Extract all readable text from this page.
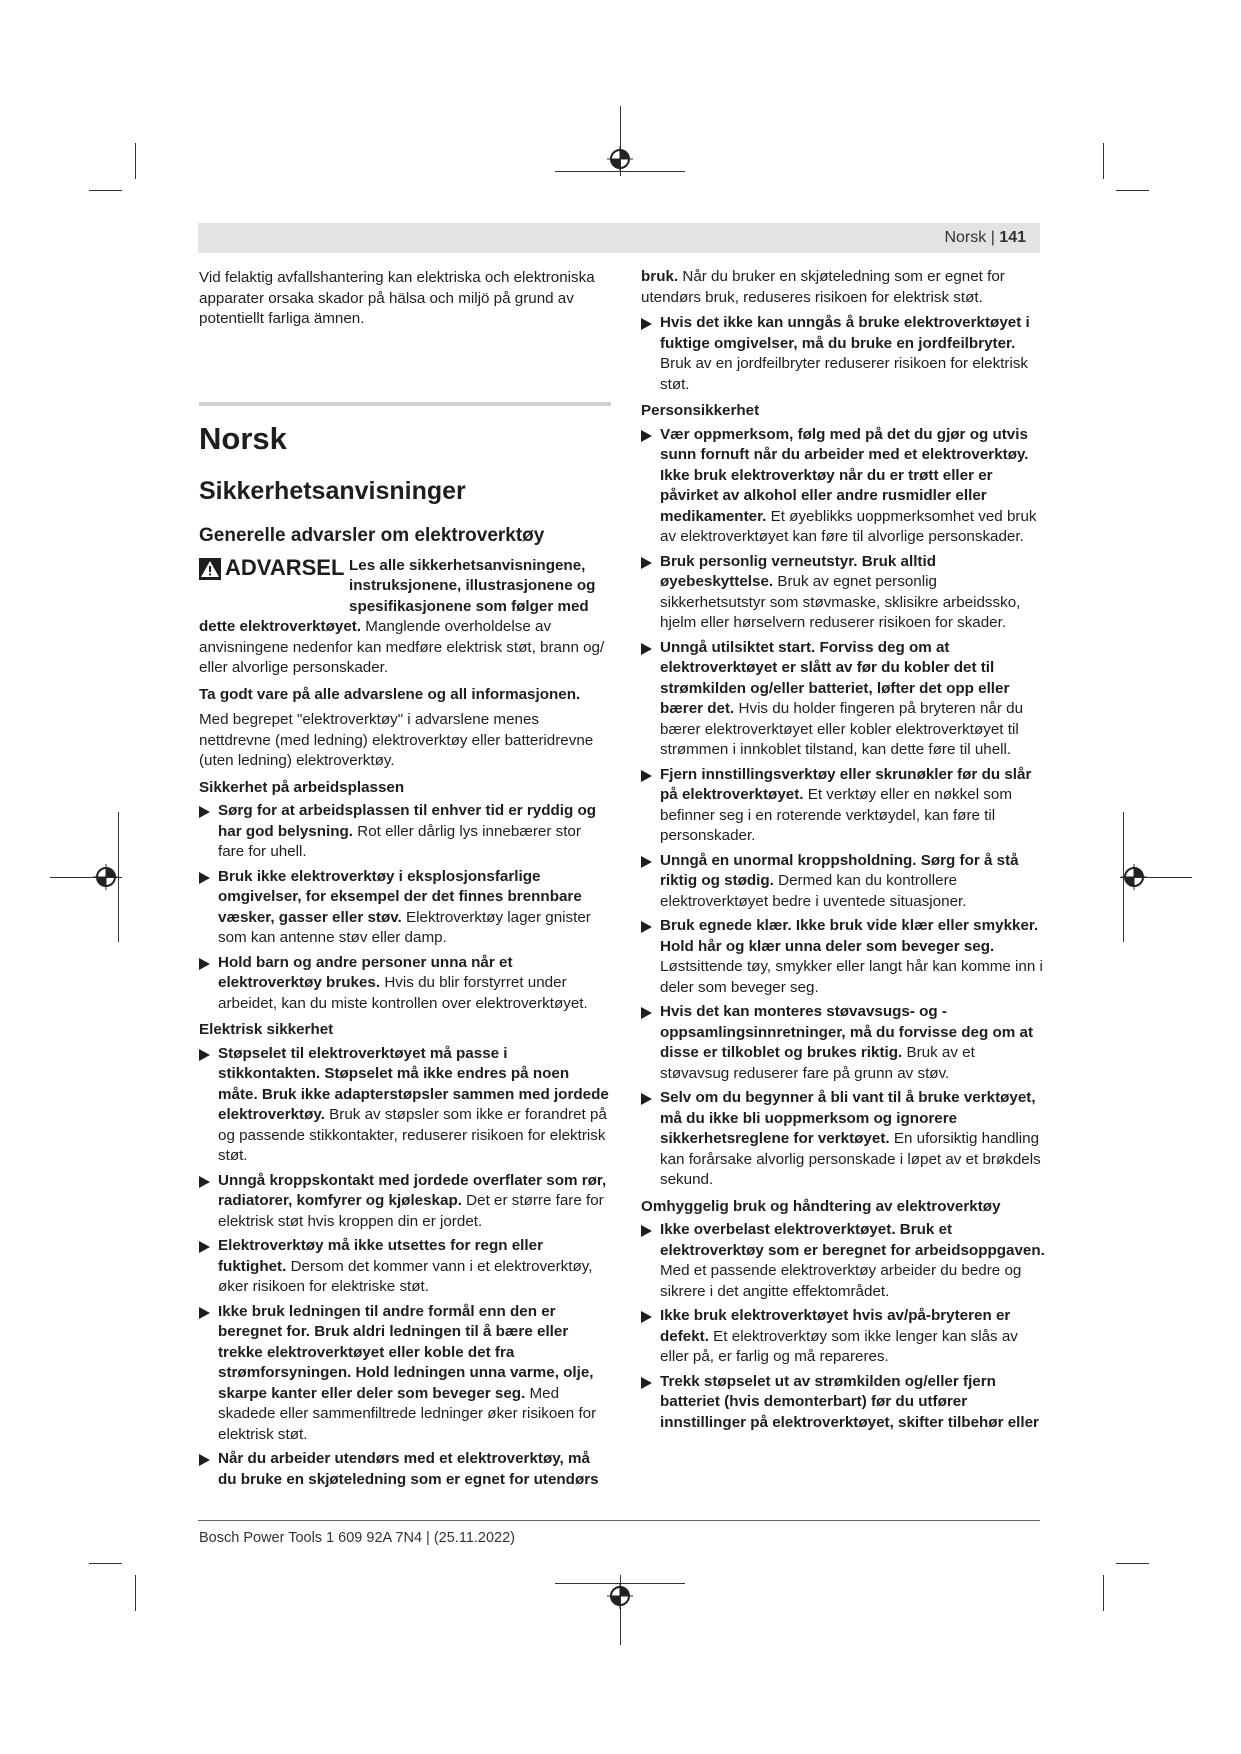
Norsk | 141

Vid felaktig avfallshantering kan elektriska och elektroniska apparater orsaka skador på hälsa och miljö på grund av potentiellt farliga ämnen.

Norsk
Sikkerhetsanvisninger
Generelle advarsler om elektroverktøy
ADVARSEL Les alle sikkerhetsanvisningene, instruksjonene, illustrasjonene og spesifikasjonene som følger med dette elektroverktøyet. Manglende overholdelse av anvisningene nedenfor kan medføre elektrisk støt, brann og/ eller alvorlige personskader.

Ta godt vare på alle advarslene og all informasjonen.

Med begrepet "elektroverktøy" i advarslene menes nettdrevne (med ledning) elektroverktøy eller batteridrevne (uten ledning) elektroverktøy.

Sikkerhet på arbeidsplassen

Sørg for at arbeidsplassen til enhver tid er ryddig og har god belysning. Rot eller dårlig lys innebærer stor fare for uhell.
Bruk ikke elektroverktøy i eksplosjonsfarlige omgivelser, for eksempel der det finnes brennbare væsker, gasser eller støv. Elektroverktøy lager gnister som kan antenne støv eller damp.
Hold barn og andre personer unna når et elektroverktøy brukes. Hvis du blir forstyrret under arbeidet, kan du miste kontrollen over elektroverktøyet.

Elektrisk sikkerhet

Støpselet til elektroverktøyet må passe i stikkontakten. Støpselet må ikke endres på noen måte. Bruk ikke adapterstøpsler sammen med jordede elektroverktøy. Bruk av støpsler som ikke er forandret på og passende stikkontakter, reduserer risikoen for elektrisk støt.
Unngå kroppskontakt med jordede overflater som rør, radiatorer, komfyrer og kjøleskap. Det er større fare for elektrisk støt hvis kroppen din er jordet.
Elektroverktøy må ikke utsettes for regn eller fuktighet. Dersom det kommer vann i et elektroverktøy, øker risikoen for elektriske støt.
Ikke bruk ledningen til andre formål enn den er beregnet for. Bruk aldri ledningen til å bære eller trekke elektroverktøyet eller koble det fra strømforsyningen. Hold ledningen unna varme, olje, skarpe kanter eller deler som beveger seg. Med skadede eller sammenfiltrede ledninger øker risikoen for elektrisk støt.
Når du arbeider utendørs med et elektroverktøy, må du bruke en skjøteledning som er egnet for utendørs

bruk. Når du bruker en skjøteledning som er egnet for utendørs bruk, reduseres risikoen for elektrisk støt.

Hvis det ikke kan unngås å bruke elektroverktøyet i fuktige omgivelser, må du bruke en jordfeilbryter. Bruk av en jordfeilbryter reduserer risikoen for elektrisk støt.

Personsikkerhet

Vær oppmerksom, følg med på det du gjør og utvis sunn fornuft når du arbeider med et elektroverktøy. Ikke bruk elektroverktøy når du er trøtt eller er påvirket av alkohol eller andre rusmidler eller medikamenter. Et øyeblikks uoppmerksomhet ved bruk av elektroverktøyet kan føre til alvorlige personskader.
Bruk personlig verneutstyr. Bruk alltid øyebeskyttelse. Bruk av egnet personlig sikkerhetsutstyr som støvmaske, sklisikre arbeidssko, hjelm eller hørselvern reduserer risikoen for skader.
Unngå utilsiktet start. Forviss deg om at elektroverktøyet er slått av før du kobler det til strømkilden og/eller batteriet, løfter det opp eller bærer det. Hvis du holder fingeren på bryteren når du bærer elektroverktøyet eller kobler elektroverktøyet til strømmen i innkoblet tilstand, kan dette føre til uhell.
Fjern innstillingsverktøy eller skrunøkler før du slår på elektroverktøyet. Et verktøy eller en nøkkel som befinner seg i en roterende verktøydel, kan føre til personskader.
Unngå en unormal kroppsholdning. Sørg for å stå riktig og stødig. Dermed kan du kontrollere elektroverktøyet bedre i uventede situasjoner.
Bruk egnede klær. Ikke bruk vide klær eller smykker. Hold hår og klær unna deler som beveger seg. Løstsittende tøy, smykker eller langt hår kan komme inn i deler som beveger seg.
Hvis det kan monteres støvavsugs- og -oppsamlingsinnretninger, må du forvisse deg om at disse er tilkoblet og brukes riktig. Bruk av et støvavsug reduserer fare på grunn av støv.
Selv om du begynner å bli vant til å bruke verktøyet, må du ikke bli uoppmerksom og ignorere sikkerhetsreglene for verktøyet. En uforsiktig handling kan forårsake alvorlig personskade i løpet av et brøkdels sekund.

Omhyggelig bruk og håndtering av elektroverktøy

Ikke overbelast elektroverktøyet. Bruk et elektroverktøy som er beregnet for arbeidsoppgaven. Med et passende elektroverktøy arbeider du bedre og sikrere i det angitte effektområdet.
Ikke bruk elektroverktøyet hvis av/på-bryteren er defekt. Et elektroverktøy som ikke lenger kan slås av eller på, er farlig og må repareres.
Trekk støpselet ut av strømkilden og/eller fjern batteriet (hvis demonterbart) før du utfører innstillinger på elektroverktøyet, skifter tilbehør eller
Bosch Power Tools 1 609 92A 7N4 | (25.11.2022)
